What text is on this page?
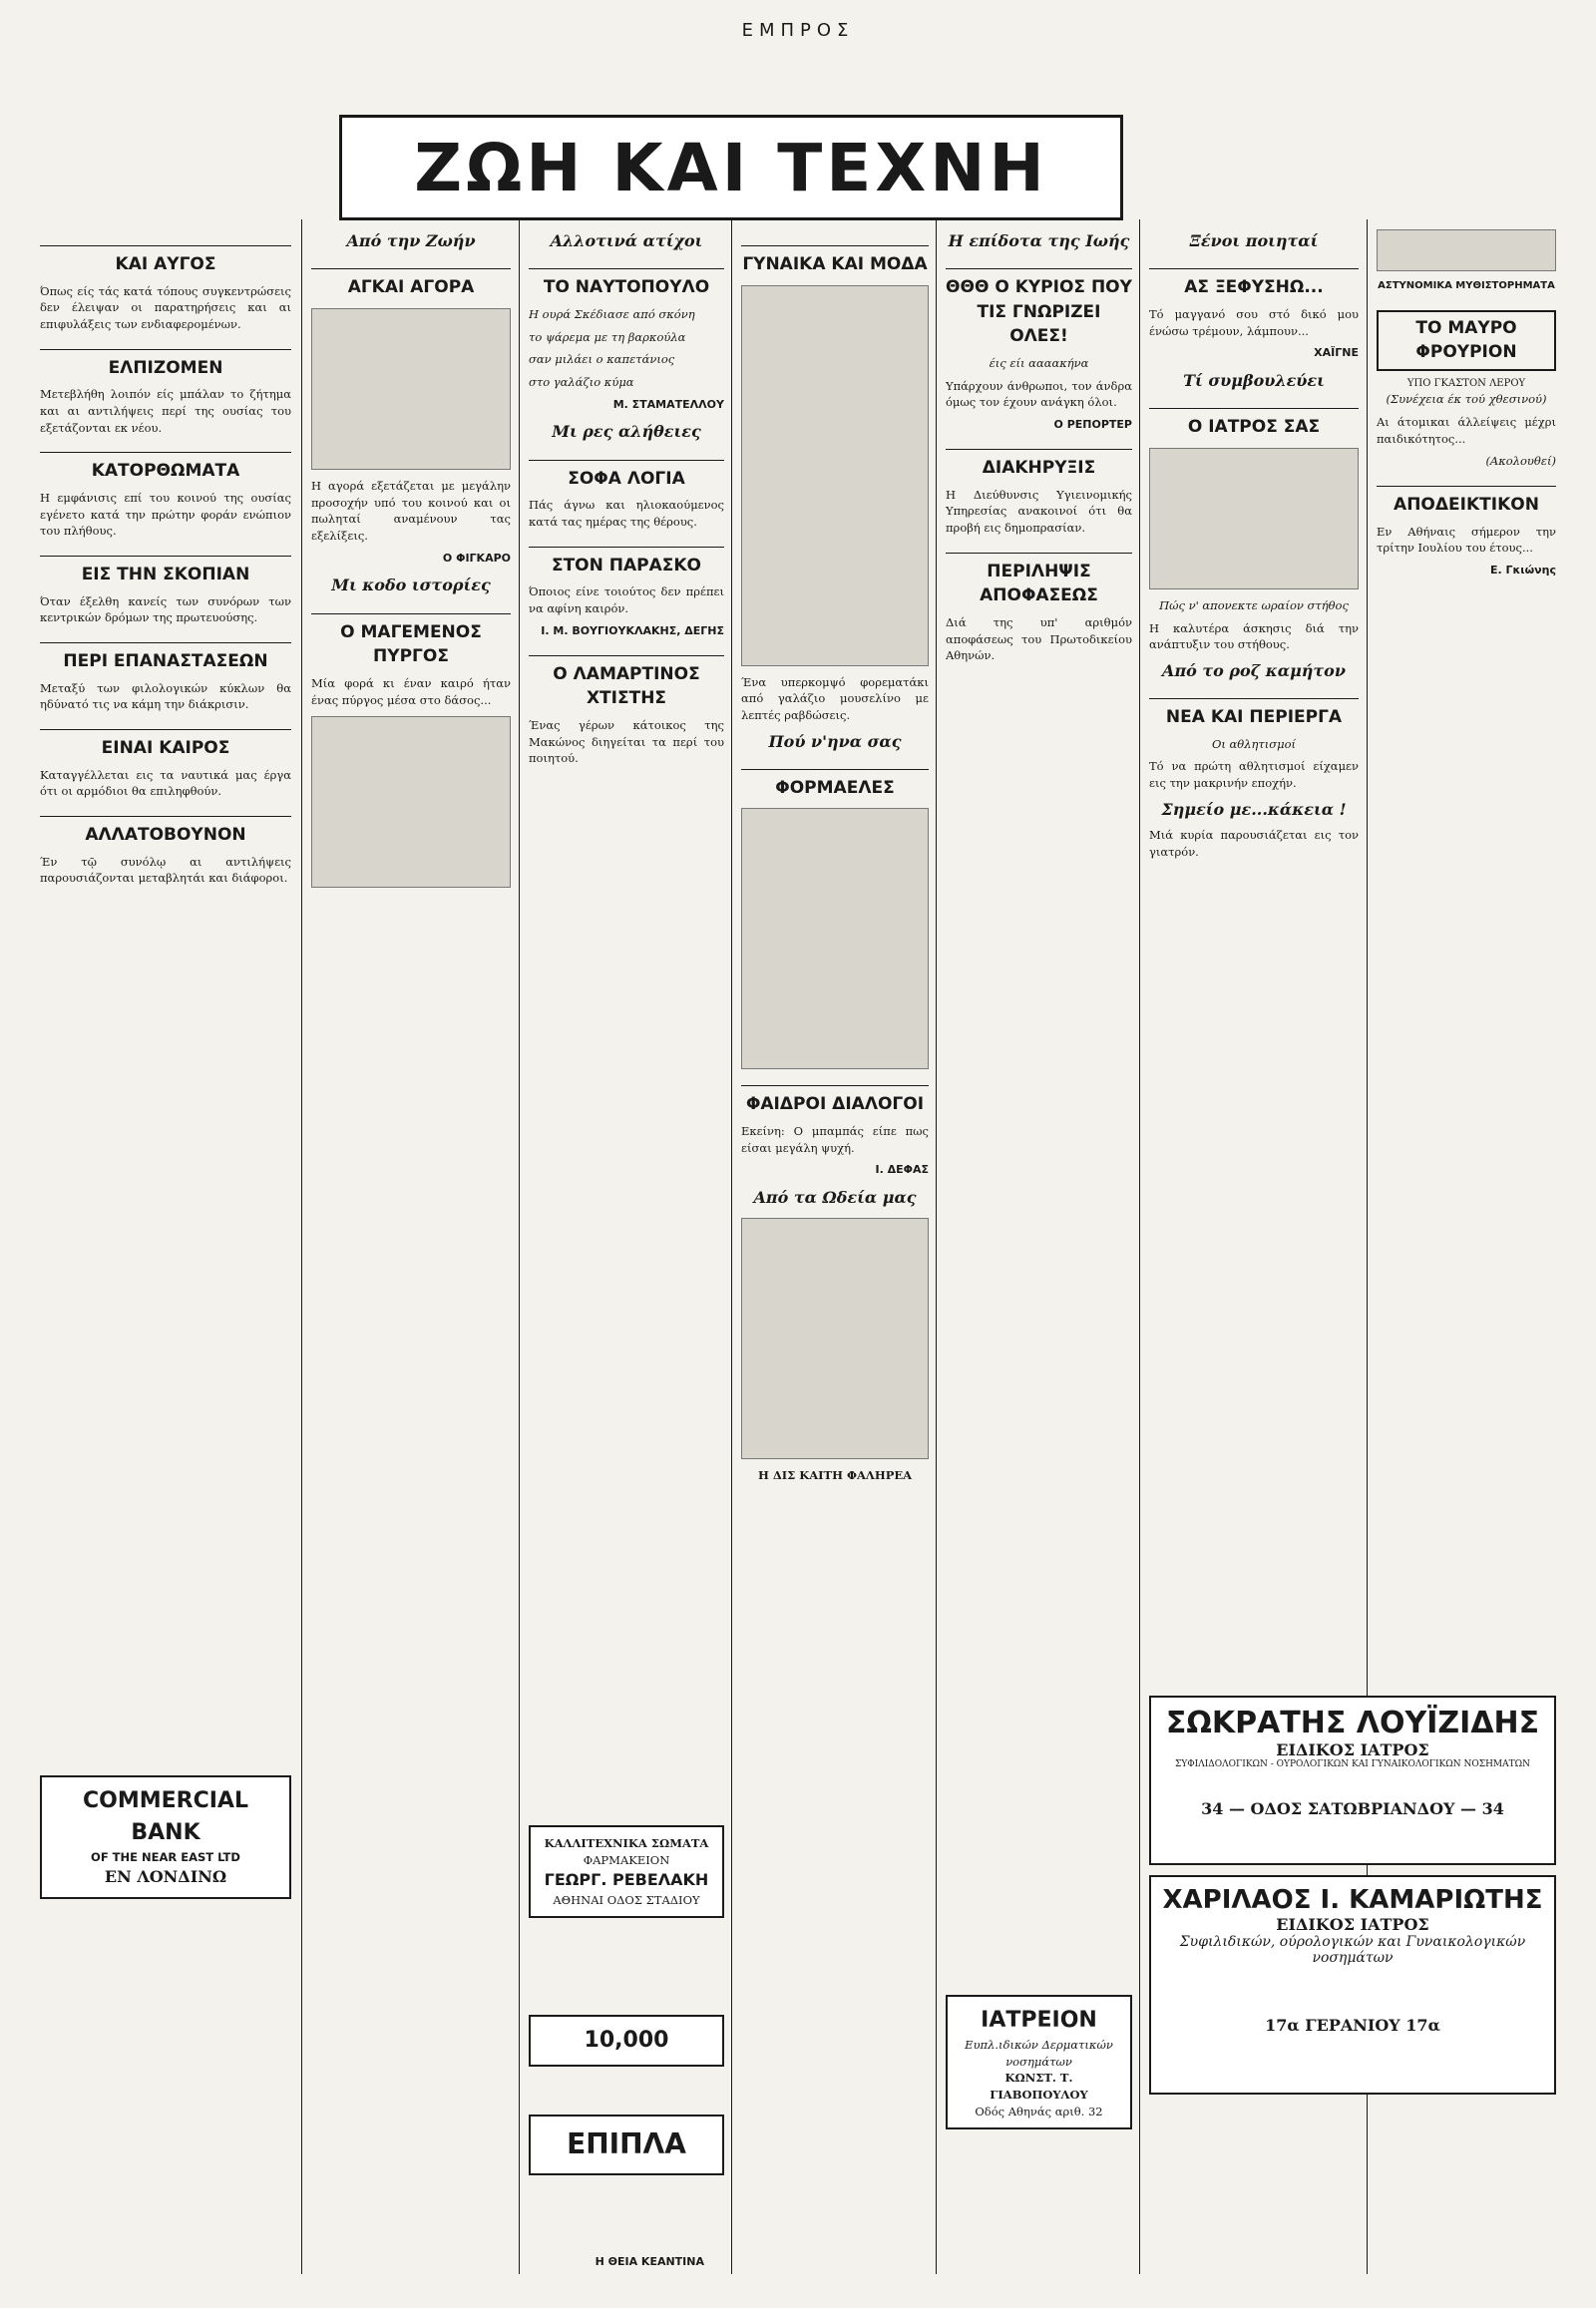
ΕΜΠΡΟΣ
ΖΩΗ ΚΑΙ ΤΕΧΝΗ
ΚΑΙ ΑΥΓΟΣ

Όπως είς τάς κατά τόπους συγκεντρώσεις δεν έλειψαν οι παρατηρήσεις και αι επιφυλάξεις των ενδιαφερομένων.

ΕΛΠΙΖΟΜΕΝ

Μετεβλήθη λοιπόν είς μπάλαν το ζήτημα και αι αντιλήψεις περί της ουσίας του εξετάζονται εκ νέου.

ΚΑΤΟΡΘΩΜΑΤΑ

Η εμφάνισις επί του κοινού της ουσίας εγένετο κατά την πρώτην φοράν ενώπιον του πλήθους.

ΕΙΣ ΤΗΝ ΣΚΟΠΙΑΝ

Όταν έξελθη κανείς των συνόρων των κεντρικών δρόμων της πρωτευούσης.

ΠΕΡΙ ΕΠΑΝΑΣΤΑΣΕΩΝ

Μεταξύ των φιλολογικών κύκλων θα ηδύνατό τις να κάμη την διάκρισιν.

ΕΙΝΑΙ ΚΑΙΡΟΣ

Καταγγέλλεται εις τα ναυτικά μας έργα ότι οι αρμόδιοι θα επιληφθούν.

ΑΛΛΑΤΟΒΟΥΝΟΝ

Έν τῷ συνόλῳ αι αντιλήψεις παρουσιάζονται μεταβλητάι και διάφοροι.

COMMERCIAL BANK
OF THE NEAR EAST LTD
ΕΝ ΛΟΝΔΙΝΩ
Από την Ζωήν
ΑΓΚΑΙ ΑΓΟΡΑ

Η αγορά εξετάζεται με μεγάλην προσοχήν υπό του κοινού και οι πωληταί αναμένουν τας εξελίξεις.

Ο ΦΙΓΚΑΡΟ
Μι κοδο ιστορίες
Ο ΜΑΓΕΜΕΝΟΣ ΠΥΡΓΟΣ

Μία φορά κι έναν καιρό ήταν ένας πύργος μέσα στο δάσος...

Αλλοτινά ατίχοι
ΤΟ ΝΑΥΤΟΠΟΥΛΟ

Η ουρά Σκέδιασε από σκόνη

το ψάρεμα με τη βαρκούλα

σαν μιλάει ο καπετάνιος

στο γαλάζιο κύμα

Μ. ΣΤΑΜΑΤΕΛΛΟΥ
Μι ρες αλήθειες
ΣΟΦΑ ΛΟΓΙΑ

Πάς άγνω και ηλιοκαούμενος κατά τας ημέρας της θέρους.

ΣΤΟΝ ΠΑΡΑΣΚΟ

Όποιος είνε τοιούτος δεν πρέπει να αφίνη καιρόν.

Ι. Μ. ΒΟΥΓΙΟΥΚΛΑΚΗΣ, ΔΕΓΗΣ
Ο ΛΑΜΑΡΤΙΝΟΣ ΧΤΙΣΤΗΣ

Ένας γέρων κάτοικος της Μακώνος διηγείται τα περί του ποιητού.

ΚΑΛΛΙΤΕΧΝΙΚΑ ΣΩΜΑΤΑ
ΦΑΡΜΑΚΕΙΟΝ
ΓΕΩΡΓ. ΡΕΒΕΛΑΚΗ
ΑΘΗΝΑΙ ΟΔΟΣ ΣΤΑΔΙΟΥ
10,000
ΕΠΙΠΛΑ
Η ΘΕΙΑ ΚΕΑΝΤΙΝΑ
ΓΥΝΑΙΚΑ ΚΑΙ ΜΟΔΑ

Ένα υπερκομψό φορεματάκι από γαλάζιο μουσελίνο με λεπτές ραβδώσεις.

Πού ν'ηνα σας
ΦΟΡΜΑΕΛΕΣ
ΦΑΙΔΡΟΙ ΔΙΑΛΟΓΟΙ

Εκείνη: Ο μπαμπάς είπε πως είσαι μεγάλη ψυχή.

Ι. ΔΕΦΑΣ
Από τα Ωδεία μας

Η ΔΙΣ ΚΑΙΤΗ ΦΑΛΗΡΕΑ

Η επίδοτα της Ιωής
ΘΘΘ Ο ΚΥΡΙΟΣ ΠΟΥ ΤΙΣ ΓΝΩΡΙΖΕΙ ΟΛΕΣ!

έις είι αααακήνα

Υπάρχουν άνθρωποι, τον άνδρα όμως τον έχουν ανάγκη όλοι.

Ο ΡΕΠΟΡΤΕΡ
ΔΙΑΚΗΡΥΞΙΣ

Η Διεύθυνσις Υγιεινομικής Υπηρεσίας ανακοινοί ότι θα προβή εις δημοπρασίαν.

ΠΕΡΙΛΗΨΙΣ ΑΠΟΦΑΣΕΩΣ

Διά της υπ' αριθμόν αποφάσεως του Πρωτοδικείου Αθηνών.

ΙΑΤΡΕΙΟΝ
Ευπλ.ιδικών Δερματικών νοσημάτων
ΚΩΝΣΤ. Τ. ΓΙΑΒΟΠΟΥΛΟΥ
Οδός Αθηνάς αριθ. 32
Ξένοι ποιηταί
ΑΣ ΞΕΦΥΣΗΩ...

Τό μαγγανό σου στό δικό μου ένώσω τρέμουν, λάμπουν...

ΧΑΪΓΝΕ
Τί συμβουλεύει
Ο ΙΑΤΡΟΣ ΣΑΣ

Πώς ν' απονεκτε ωραίον στήθος

Η καλυτέρα άσκησις διά την ανάπτυξιν του στήθους.

Από το ροζ καμήτον
ΝΕΑ ΚΑΙ ΠΕΡΙΕΡΓΑ

Οι αθλητισμοί

Τό να πρώτη αθλητισμοί είχαμεν εις την μακρινήν εποχήν.

Σημείο με...κάκεια !

Μιά κυρία παρουσιάζεται εις τον γιατρόν.

ΑΣΤΥΝΟΜΙΚΑ ΜΥΘΙΣΤΟΡΗΜΑΤΑ
ΤΟ ΜΑΥΡΟ ΦΡΟΥΡΙΟΝ
ΥΠΟ ΓΚΑΣΤΟΝ ΛΕΡΟΥ

(Συνέχεια έκ τού χθεσινού)

Αι άτομικαι άλλείψεις μέχρι παιδικότητος...

(Ακολουθεί)

ΑΠΟΔΕΙΚΤΙΚΟΝ

Εν Αθήναις σήμερον την τρίτην Ιουλίου του έτους...

Ε. Γκιώνης
ΣΩΚΡΑΤΗΣ ΛΟΥΪΖΙΔΗΣ
ΕΙΔΙΚΟΣ ΙΑΤΡΟΣ
ΣΥΦΙΛΙΔΟΛΟΓΙΚΩΝ - ΟΥΡΟΛΟΓΙΚΩΝ ΚΑΙ ΓΥΝΑΙΚΟΛΟΓΙΚΩΝ ΝΟΣΗΜΑΤΩΝ
34 — ΟΔΟΣ ΣΑΤΩΒΡΙΑΝΔΟΥ — 34
ΧΑΡΙΛΑΟΣ Ι. ΚΑΜΑΡΙΩΤΗΣ
ΕΙΔΙΚΟΣ ΙΑΤΡΟΣ
Συφιλιδικών, ούρολογικών και Γυναικολογικών νοσημάτων
17α ΓΕΡΑΝΙΟΥ 17α
